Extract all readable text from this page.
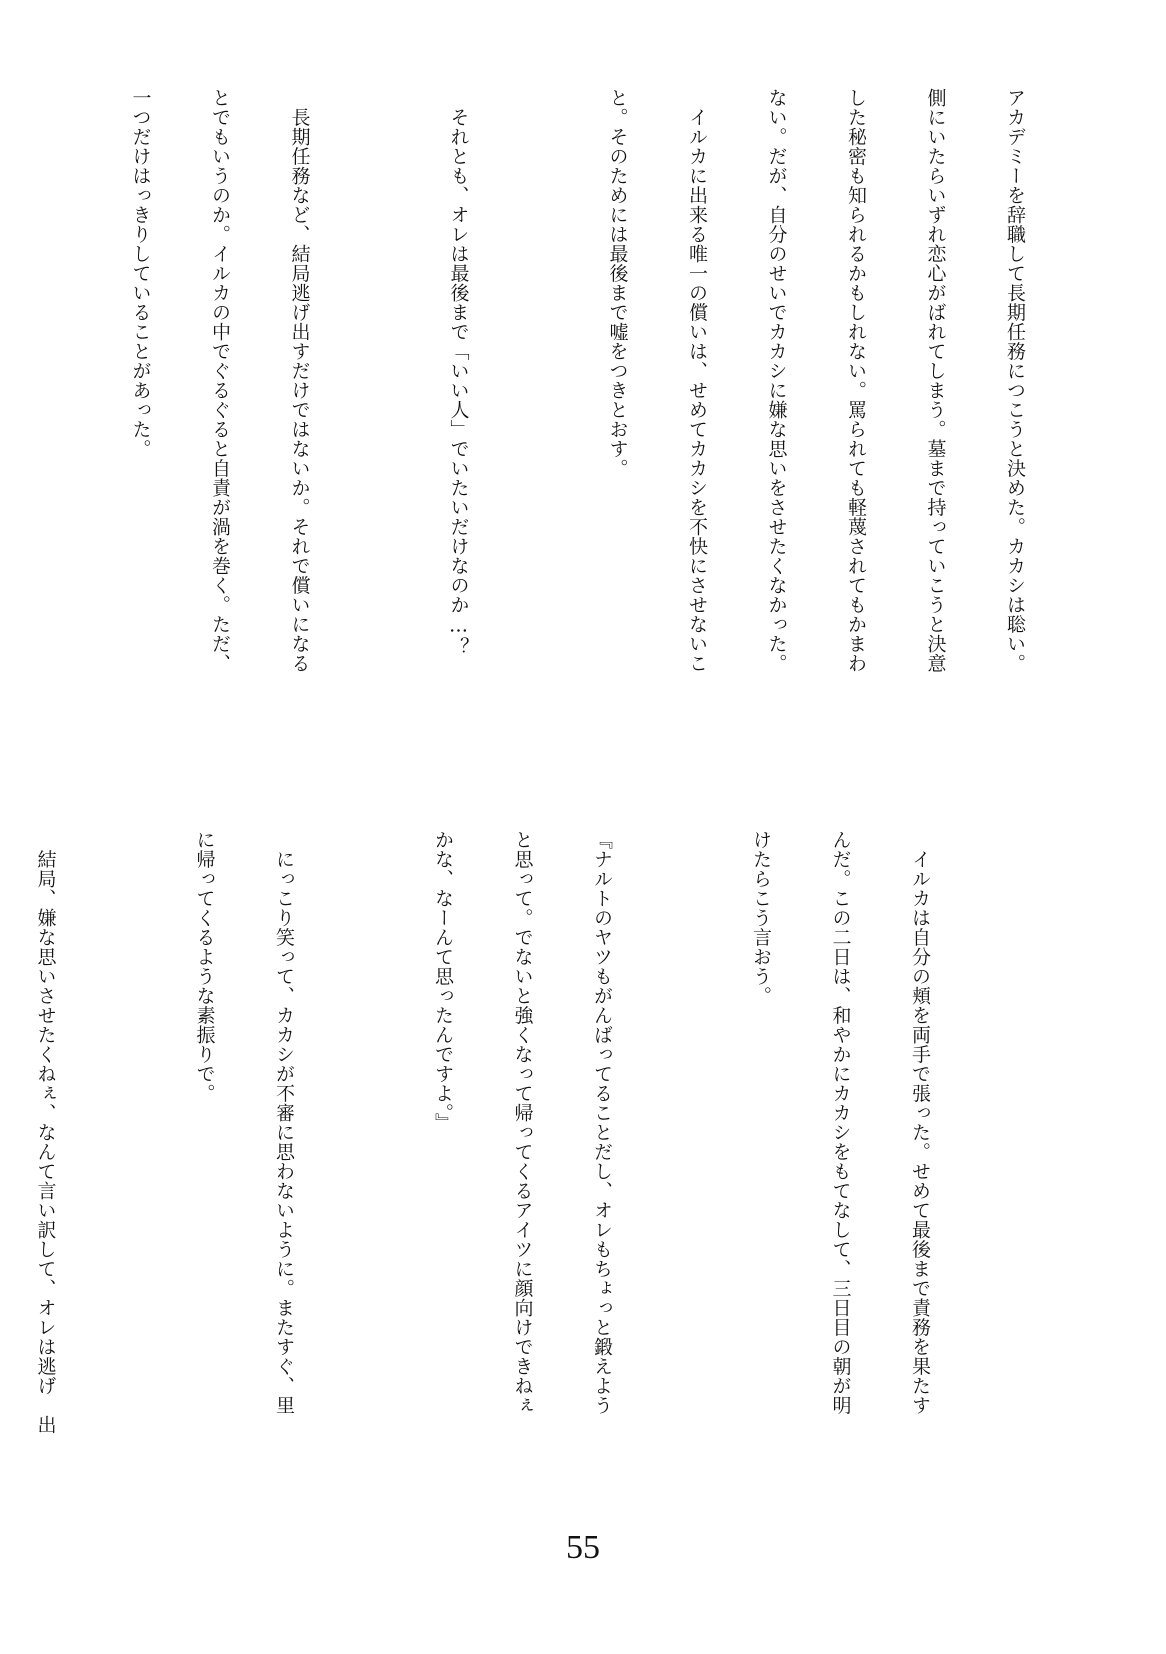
アカデミーを辞職して長期任務につこうと決めた。カカシは聡い。

側にいたらいずれ恋心がばれてしまう。墓まで持っていこうと決意

した秘密も知られるかもしれない。罵られても軽蔑されてもかまわ

ない。だが、自分のせいでカカシに嫌な思いをさせたくなかった。

　イルカに出来る唯一の償いは、せめてカカシを不快にさせないこ

と。そのためには最後まで嘘をつきとおす。

　それとも、オレは最後まで「いい人」でいたいだけなのか…？

　長期任務など、結局逃げ出すだけではないか。それで償いになる

とでもいうのか。イルカの中でぐるぐると自責が渦を巻く。ただ、

一つだけはっきりしていることがあった。

　イルカは自分の頬を両手で張った。せめて最後まで責務を果たす

んだ。この二日は、和やかにカカシをもてなして、三日目の朝が明

けたらこう言おう。

『ナルトのヤツもがんばってることだし、オレもちょっと鍛えよう

と思って。でないと強くなって帰ってくるアイツに顔向けできねぇ

かな、なーんて思ったんですよ。』

　にっこり笑って、カカシが不審に思わないように。またすぐ、里

に帰ってくるような素振りで。

　結局、嫌な思いさせたくねぇ、なんて言い訳して、オレは逃げ　出

55
